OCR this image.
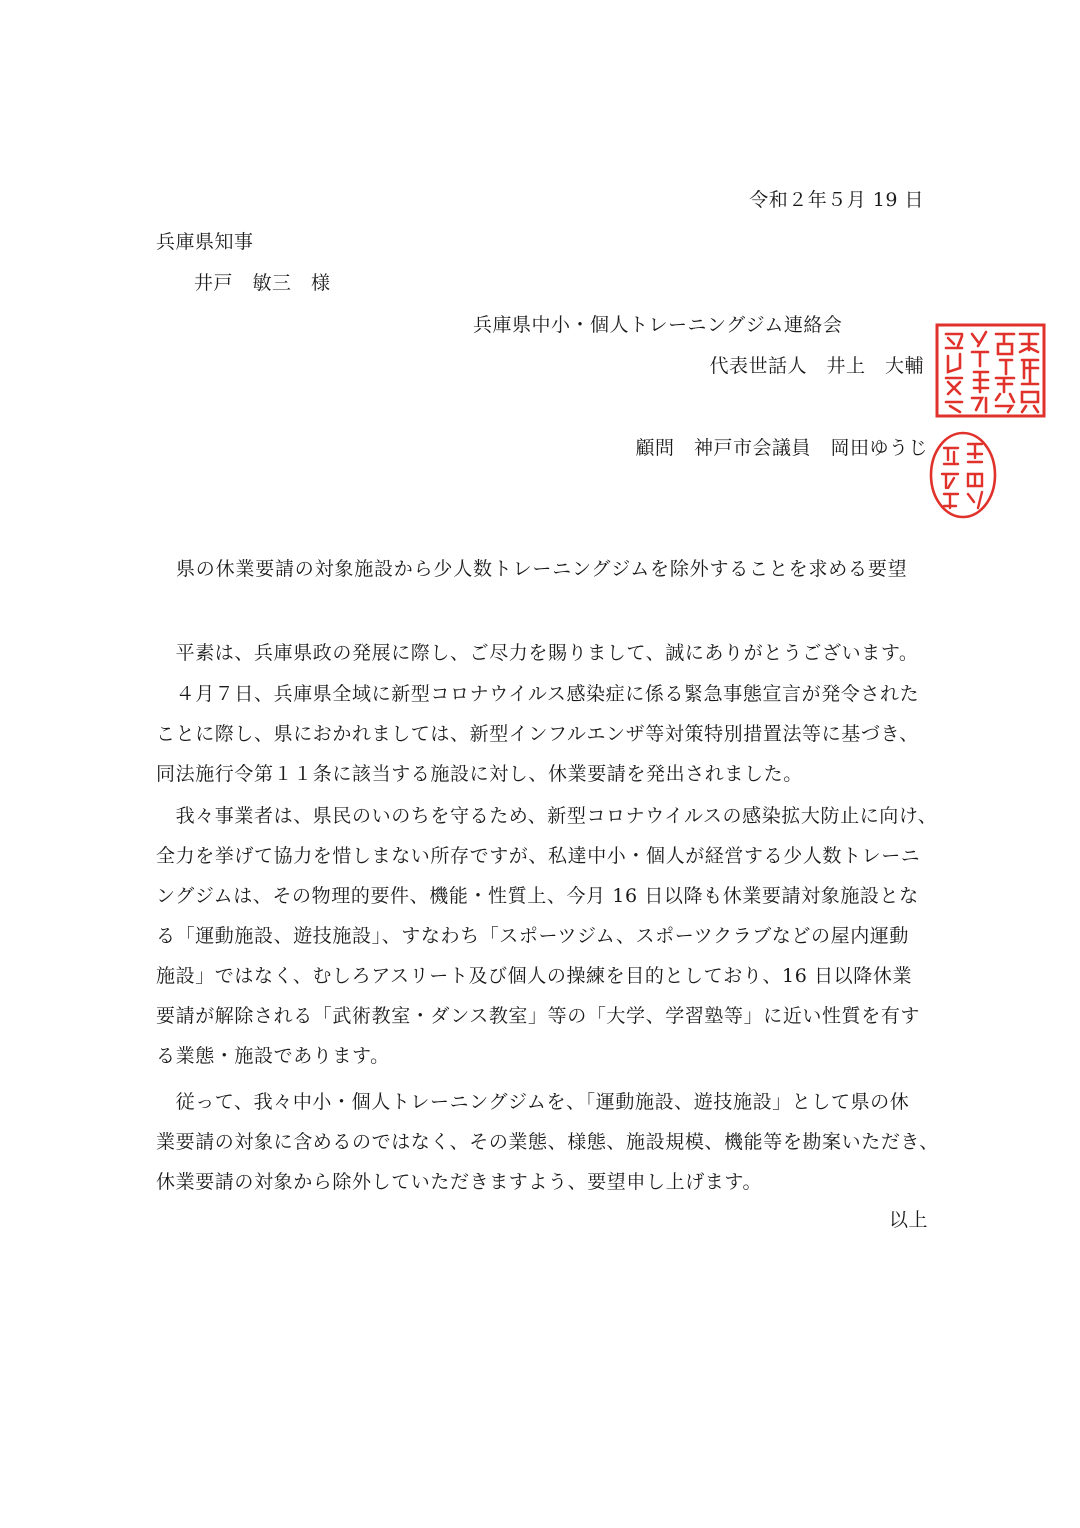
令和２年５月 19 日
兵庫県知事
井戸　敏三　様
兵庫県中小・個人トレーニングジム連絡会
代表世話人　井上　大輔
顧問　神戸市会議員　岡田ゆうじ
県の休業要請の対象施設から少人数トレーニングジムを除外することを求める要望
　平素は、兵庫県政の発展に際し、ご尽力を賜りまして、誠にありがとうございます。
　４月７日、兵庫県全域に新型コロナウイルス感染症に係る緊急事態宣言が発令された
ことに際し、県におかれましては、新型インフルエンザ等対策特別措置法等に基づき、
同法施行令第１１条に該当する施設に対し、休業要請を発出されました。
　我々事業者は、県民のいのちを守るため、新型コロナウイルスの感染拡大防止に向け、
全力を挙げて協力を惜しまない所存ですが、私達中小・個人が経営する少人数トレーニ
ングジムは、その物理的要件、機能・性質上、今月 16 日以降も休業要請対象施設とな
る「運動施設、遊技施設」、すなわち「スポーツジム、スポーツクラブなどの屋内運動
施設」ではなく、むしろアスリート及び個人の操練を目的としており、16 日以降休業
要請が解除される「武術教室・ダンス教室」等の「大学、学習塾等」に近い性質を有す
る業態・施設であります。
　従って、我々中小・個人トレーニングジムを、「運動施設、遊技施設」として県の休
業要請の対象に含めるのではなく、その業態、様態、施設規模、機能等を勘案いただき、
休業要請の対象から除外していただきますよう、要望申し上げます。
以上
